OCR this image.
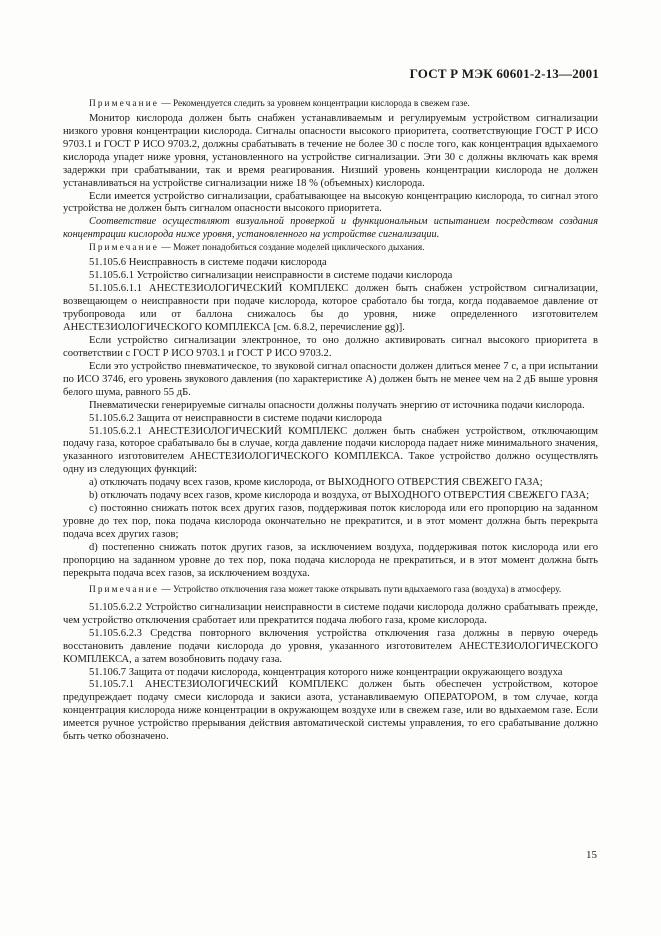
ГОСТ Р МЭК 60601-2-13—2001

Примечание — Рекомендуется следить за уровнем концентрации кислорода в свежем газе.

Монитор кислорода должен быть снабжен устанавливаемым и регулируемым устройством сигнализации низкого уровня концентрации кислорода. Сигналы опасности высокого приоритета, соответствующие ГОСТ Р ИСО 9703.1 и ГОСТ Р ИСО 9703.2, должны срабатывать в течение не более 30 с после того, как концентрация вдыхаемого кислорода упадет ниже уровня, установленного на устройстве сигнализации. Эти 30 с должны включать как время задержки при срабатывании, так и время реагирования. Низший уровень концентрации кислорода не должен устанавливаться на устройстве сигнализации ниже 18 % (объемных) кислорода.

Если имеется устройство сигнализации, срабатывающее на высокую концентрацию кислорода, то сигнал этого устройства не должен быть сигналом опасности высокого приоритета.

Соответствие осуществляют визуальной проверкой и функциональным испытанием посредством создания концентрации кислорода ниже уровня, установленного на устройстве сигнализации.

Примечание — Может понадобиться создание моделей циклического дыхания.

51.105.6 Неисправность в системе подачи кислорода

51.105.6.1 Устройство сигнализации неисправности в системе подачи кислорода

51.105.6.1.1 АНЕСТЕЗИОЛОГИЧЕСКИЙ КОМПЛЕКС должен быть снабжен устройством сигнализации, возвещающем о неисправности при подаче кислорода, которое сработало бы тогда, когда подаваемое давление от трубопровода или от баллона снижалось бы до уровня, ниже определенного изготовителем АНЕСТЕЗИОЛОГИЧЕСКОГО КОМПЛЕКСА [см. 6.8.2, перечисление gg)].

Если устройство сигнализации электронное, то оно должно активировать сигнал высокого приоритета в соответствии с ГОСТ Р ИСО 9703.1 и ГОСТ Р ИСО 9703.2.

Если это устройство пневматическое, то звуковой сигнал опасности должен длиться менее 7 с, а при испытании по ИСО 3746, его уровень звукового давления (по характеристике А) должен быть не менее чем на 2 дБ выше уровня белого шума, равного 55 дБ.

Пневматически генерируемые сигналы опасности должны получать энергию от источника подачи кислорода.

51.105.6.2 Защита от неисправности в системе подачи кислорода

51.105.6.2.1 АНЕСТЕЗИОЛОГИЧЕСКИЙ КОМПЛЕКС должен быть снабжен устройством, отключающим подачу газа, которое срабатывало бы в случае, когда давление подачи кислорода падает ниже минимального значения, указанного изготовителем АНЕСТЕЗИОЛОГИЧЕСКОГО КОМПЛЕКСА. Такое устройство должно осуществлять одну из следующих функций:

a) отключать подачу всех газов, кроме кислорода, от ВЫХОДНОГО ОТВЕРСТИЯ СВЕЖЕГО ГАЗА;

b) отключать подачу всех газов, кроме кислорода и воздуха, от ВЫХОДНОГО ОТВЕРСТИЯ СВЕЖЕГО ГАЗА;

c) постоянно снижать поток всех других газов, поддерживая поток кислорода или его пропорцию на заданном уровне до тех пор, пока подача кислорода окончательно не прекратится, и в этот момент должна быть перекрыта подача всех других газов;

d) постепенно снижать поток других газов, за исключением воздуха, поддерживая поток кислорода или его пропорцию на заданном уровне до тех пор, пока подача кислорода не прекратиться, и в этот момент должна быть перекрыта подача всех газов, за исключением воздуха.

Примечание — Устройство отключения газа может также открывать пути вдыхаемого газа (воздуха) в атмосферу.

51.105.6.2.2 Устройство сигнализации неисправности в системе подачи кислорода должно срабатывать прежде, чем устройство отключения сработает или прекратится подача любого газа, кроме кислорода.

51.105.6.2.3 Средства повторного включения устройства отключения газа должны в первую очередь восстановить давление подачи кислорода до уровня, указанного изготовителем АНЕСТЕЗИОЛОГИЧЕСКОГО КОМПЛЕКСА, а затем возобновить подачу газа.

51.106.7 Защита от подачи кислорода, концентрация которого ниже концентрации окружающего воздуха

51.105.7.1 АНЕСТЕЗИОЛОГИЧЕСКИЙ КОМПЛЕКС должен быть обеспечен устройством, которое предупреждает подачу смеси кислорода и закиси азота, устанавливаемую ОПЕРАТОРОМ, в том случае, когда концентрация кислорода ниже концентрации в окружающем воздухе или в свежем газе, или во вдыхаемом газе. Если имеется ручное устройство прерывания действия автоматической системы управления, то его срабатывание должно быть четко обозначено.

15
